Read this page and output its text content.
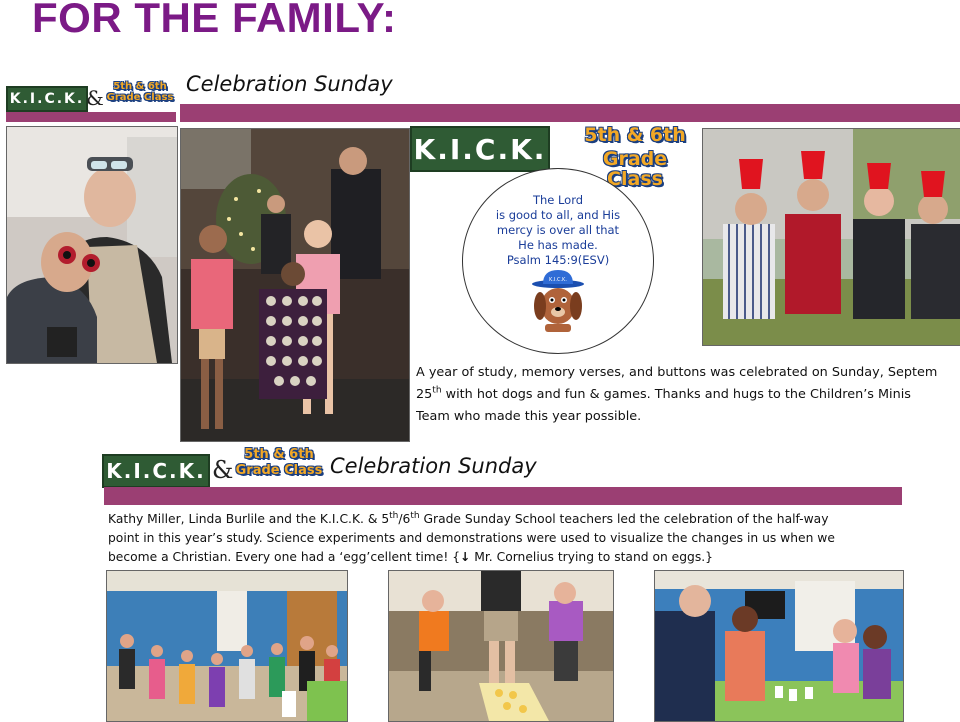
FOR THE FAMILY:
K.I.C.K. & 5th & 6th
Grade Class
Celebration Sunday
K.I.C.K.	5th & 6th
Grade Class
The Lord
is good to all, and His
mercy is over all that
He has made.
Psalm 145:9(ESV)
K.I.C.K.
A year of study, memory verses, and buttons was celebrated on Sunday, Septem
25th with hot dogs and fun & games. Thanks and hugs to the Children’s Minis
Team who made this year possible.
K.I.C.K. &
5th & 6th
Grade Class Celebration Sunday
Kathy Miller, Linda Burlile and the K.I.C.K. & 5th/6th Grade Sunday School teachers led the celebration of the half-way
point in this year’s study. Science experiments and demonstrations were used to visualize the changes in us when we
become a Christian. Every one had a ‘egg’cellent time! {↓ Mr. Cornelius trying to stand on eggs.}
